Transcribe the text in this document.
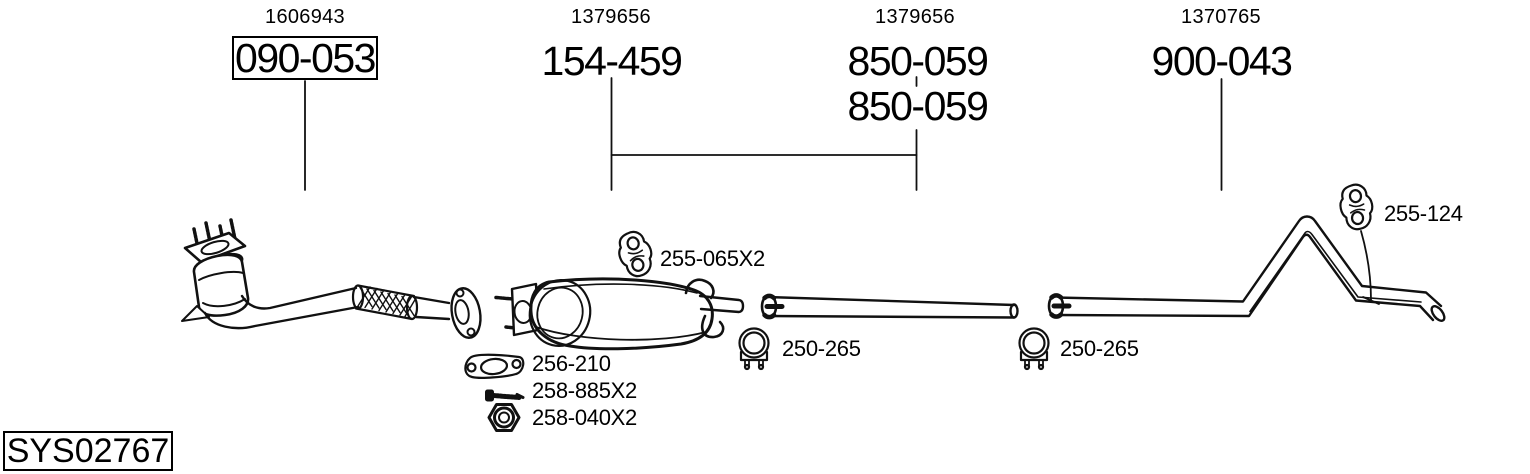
1606943	1379656	1379656	1370765
090-053	154-459	850-059
850-059
900-043
255-065X2
256-210
258-885X2
258-040X2
250-265	250-265
255-124
SYS02767
